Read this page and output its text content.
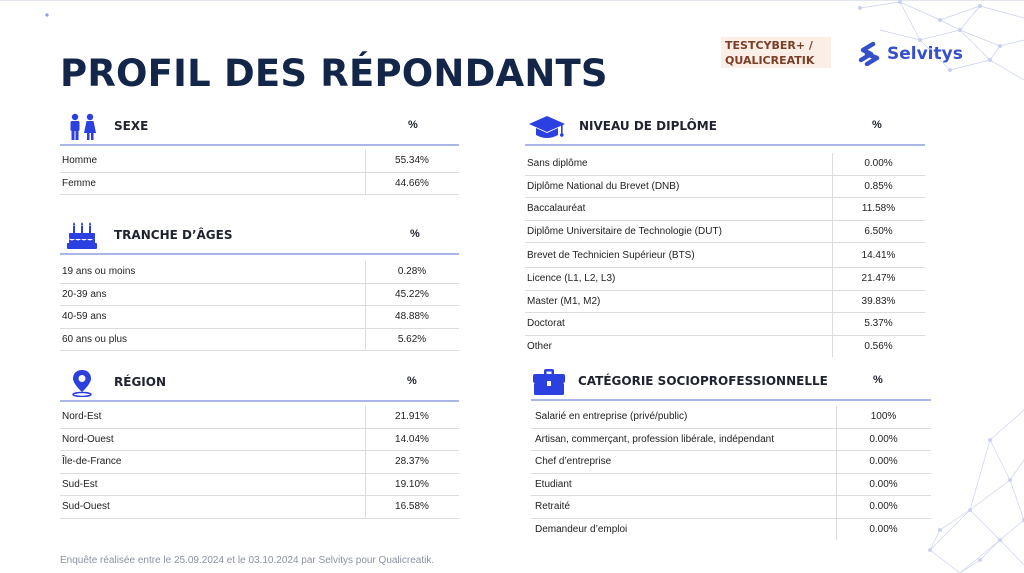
PROFIL DES RÉPONDANTS
TESTCYBER+ /
QUALICREATIK	Selvitys
SEXE	%
Homme	55.34%
Femme	44.66%
TRANCHE D’ÂGES	%
19 ans ou moins	0.28%
20-39 ans	45.22%
40-59 ans	48.88%
60 ans ou plus	5.62%
RÉGION	%
Nord-Est	21.91%
Nord-Ouest	14.04%
Île-de-France	28.37%
Sud-Est	19.10%
Sud-Ouest	16.58%
NIVEAU DE DIPLÔME	%
Sans diplôme	0.00%
Diplôme National du Brevet (DNB)	0.85%
Baccalauréat	11.58%
Diplôme Universitaire de Technologie (DUT)	6.50%
Brevet de Technicien Supérieur (BTS)	14.41%
Licence (L1, L2, L3)	21.47%
Master (M1, M2)	39.83%
Doctorat	5.37%
Other	0.56%
CATÉGORIE SOCIOPROFESSIONNELLE	%
Salarié en entreprise (privé/public)	100%
Artisan, commerçant, profession libérale, indépendant	0.00%
Chef d’entreprise	0.00%
Etudiant	0.00%
Retraité	0.00%
Demandeur d’emploi	0.00%
Enquête réalisée entre le 25.09.2024 et le 03.10.2024 par Selvitys pour Qualicreatik.
